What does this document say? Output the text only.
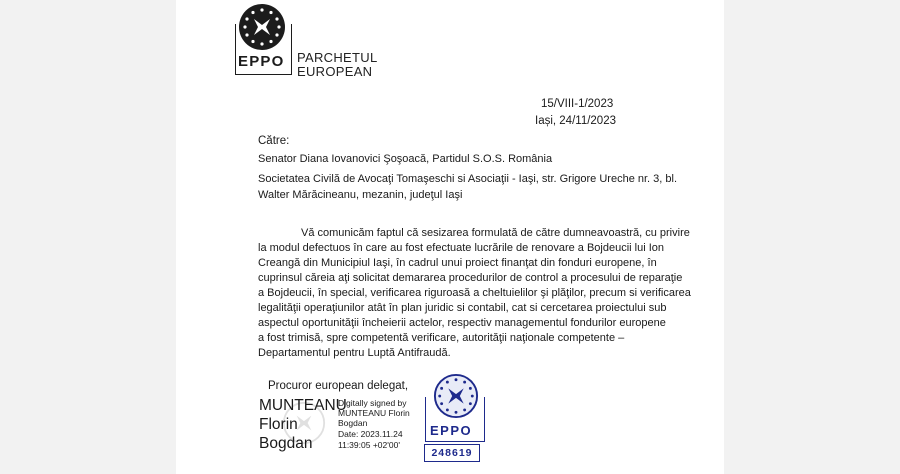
EPPO PARCHETUL
EUROPEAN
15/VIII-1/2023
Iași, 24/11/2023
Către:
Senator Diana Iovanovici Şoşoacă, Partidul S.O.S. România
Societatea Civilă de Avocaţi Tomaşeschi si Asociaţii - Iaşi, str. Grigore Ureche nr. 3, bl.
Walter Mărăcineanu, mezanin, judeţul Iaşi
Vă comunicăm faptul că sesizarea formulată de către dumneavoastră, cu privire
la modul defectuos în care au fost efectuate lucrările de renovare a Bojdeucii lui Ion
Creangă din Municipiul Iaşi, în cadrul unui proiect finanţat din fonduri europene, în
cuprinsul căreia aţi solicitat demararea procedurilor de control a procesului de reparaţie
a Bojdeucii, în special, verificarea riguroasă a cheltuielilor şi plăţilor, precum si verificarea
legalităţii operaţiunilor atât în plan juridic si contabil, cat si cercetarea proiectului sub
aspectul oportunităţii încheierii actelor, respectiv managementul fondurilor europene
a fost trimisă, spre competentă verificare, autorităţii naţionale competente –
Departamentul pentru Luptă Antifraudă.
Procuror european delegat,
MUNTEANU
Florin
Bogdan
Digitally signed by
MUNTEANU Florin
Bogdan
Date: 2023.11.24
11:39:05 +02'00'
EPPO
248619
